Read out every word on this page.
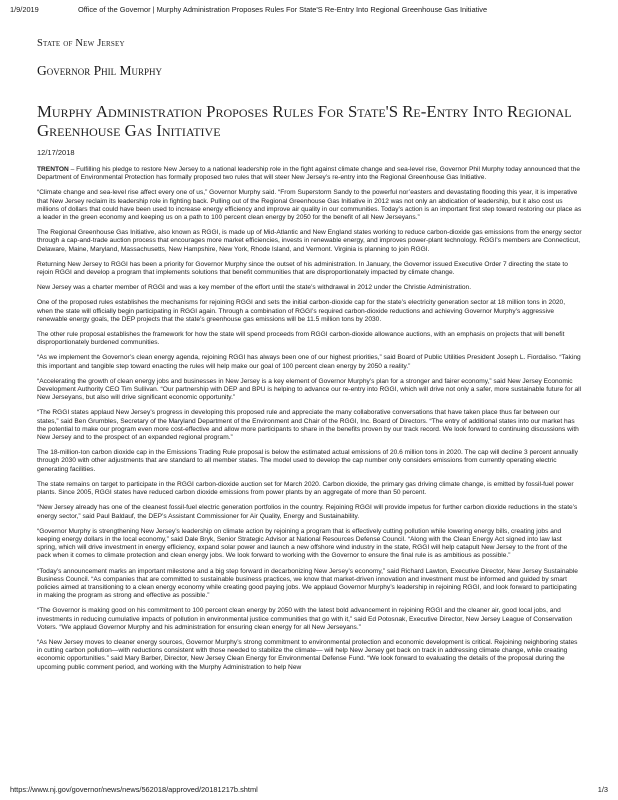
1/9/2019	Office of the Governor | Murphy Administration Proposes Rules For State'S Re-Entry Into Regional Greenhouse Gas Initiative
State of New Jersey
Governor Phil Murphy
Murphy Administration Proposes Rules For State'S Re-Entry Into Regional Greenhouse Gas Initiative
12/17/2018

TRENTON – Fulfilling his pledge to restore New Jersey to a national leadership role in the fight against climate change and sea-level rise, Governor Phil Murphy today announced that the Department of Environmental Protection has formally proposed two rules that will steer New Jersey’s re-entry into the Regional Greenhouse Gas Initiative.

“Climate change and sea-level rise affect every one of us,” Governor Murphy said. “From Superstorm Sandy to the powerful nor’easters and devastating flooding this year, it is imperative that New Jersey reclaim its leadership role in fighting back. Pulling out of the Regional Greenhouse Gas Initiative in 2012 was not only an abdication of leadership, but it also cost us millions of dollars that could have been used to increase energy efficiency and improve air quality in our communities. Today’s action is an important first step toward restoring our place as a leader in the green economy and keeping us on a path to 100 percent clean energy by 2050 for the benefit of all New Jerseyans.”

The Regional Greenhouse Gas Initiative, also known as RGGI, is made up of Mid-Atlantic and New England states working to reduce carbon-dioxide gas emissions from the energy sector through a cap-and-trade auction process that encourages more market efficiencies, invests in renewable energy, and improves power-plant technology. RGGI’s members are Connecticut, Delaware, Maine, Maryland, Massachusetts, New Hampshire, New York, Rhode Island, and Vermont. Virginia is planning to join RGGI.

Returning New Jersey to RGGI has been a priority for Governor Murphy since the outset of his administration. In January, the Governor issued Executive Order 7 directing the state to rejoin RGGI and develop a program that implements solutions that benefit communities that are disproportionately impacted by climate change.

New Jersey was a charter member of RGGI and was a key member of the effort until the state’s withdrawal in 2012 under the Christie Administration.

One of the proposed rules establishes the mechanisms for rejoining RGGI and sets the initial carbon-dioxide cap for the state’s electricity generation sector at 18 million tons in 2020, when the state will officially begin participating in RGGI again. Through a combination of RGGI’s required carbon-dioxide reductions and achieving Governor Murphy’s aggressive renewable energy goals, the DEP projects that the state’s greenhouse gas emissions will be 11.5 million tons by 2030.

The other rule proposal establishes the framework for how the state will spend proceeds from RGGI carbon-dioxide allowance auctions, with an emphasis on projects that will benefit disproportionately burdened communities.

“As we implement the Governor’s clean energy agenda, rejoining RGGI has always been one of our highest priorities,” said Board of Public Utilities President Joseph L. Fiordaliso. “Taking this important and tangible step toward enacting the rules will help make our goal of 100 percent clean energy by 2050 a reality.”

“Accelerating the growth of clean energy jobs and businesses in New Jersey is a key element of Governor Murphy’s plan for a stronger and fairer economy,” said New Jersey Economic Development Authority CEO Tim Sullivan. “Our partnership with DEP and BPU is helping to advance our re-entry into RGGI, which will drive not only a safer, more sustainable future for all New Jerseyans, but also will drive significant economic opportunity.”

“The RGGI states applaud New Jersey’s progress in developing this proposed rule and appreciate the many collaborative conversations that have taken place thus far between our states,” said Ben Grumbles, Secretary of the Maryland Department of the Environment and Chair of the RGGI, Inc. Board of Directors. “The entry of additional states into our market has the potential to make our program even more cost-effective and allow more participants to share in the benefits proven by our track record. We look forward to continuing discussions with New Jersey and to the prospect of an expanded regional program.”

The 18-million-ton carbon dioxide cap in the Emissions Trading Rule proposal is below the estimated actual emissions of 20.6 million tons in 2020. The cap will decline 3 percent annually through 2030 with other adjustments that are standard to all member states. The model used to develop the cap number only considers emissions from currently operating electric generating facilities.

The state remains on target to participate in the RGGI carbon-dioxide auction set for March 2020. Carbon dioxide, the primary gas driving climate change, is emitted by fossil-fuel power plants. Since 2005, RGGI states have reduced carbon dioxide emissions from power plants by an aggregate of more than 50 percent.

“New Jersey already has one of the cleanest fossil-fuel electric generation portfolios in the country. Rejoining RGGI will provide impetus for further carbon dioxide reductions in the state’s energy sector,” said Paul Baldauf, the DEP’s Assistant Commissioner for Air Quality, Energy and Sustainability.

“Governor Murphy is strengthening New Jersey’s leadership on climate action by rejoining a program that is effectively cutting pollution while lowering energy bills, creating jobs and keeping energy dollars in the local economy,” said Dale Bryk, Senior Strategic Advisor at National Resources Defense Council. “Along with the Clean Energy Act signed into law last spring, which will drive investment in energy efficiency, expand solar power and launch a new offshore wind industry in the state, RGGI will help catapult New Jersey to the front of the pack when it comes to climate protection and clean energy jobs. We look forward to working with the Governor to ensure the final rule is as ambitious as possible.”

“Today’s announcement marks an important milestone and a big step forward in decarbonizing New Jersey’s economy,” said Richard Lawton, Executive Director, New Jersey Sustainable Business Council. “As companies that are committed to sustainable business practices, we know that market-driven innovation and investment must be informed and guided by smart policies aimed at transitioning to a clean energy economy while creating good paying jobs. We applaud Governor Murphy’s leadership in rejoining RGGI, and look forward to participating in making the program as strong and effective as possible.”

“The Governor is making good on his commitment to 100 percent clean energy by 2050 with the latest bold advancement in rejoining RGGI and the cleaner air, good local jobs, and investments in reducing cumulative impacts of pollution in environmental justice communities that go with it,” said Ed Potosnak, Executive Director, New Jersey League of Conservation Voters. “We applaud Governor Murphy and his administration for ensuring clean energy for all New Jerseyans.”

“As New Jersey moves to cleaner energy sources, Governor Murphy’s strong commitment to environmental protection and economic development is critical. Rejoining neighboring states in cutting carbon pollution—with reductions consistent with those needed to stabilize the climate— will help New Jersey get back on track in addressing climate change, while creating economic opportunities.” said Mary Barber, Director, New Jersey Clean Energy for Environmental Defense Fund. “We look forward to evaluating the details of the proposal during the upcoming public comment period, and working with the Murphy Administration to help New

https://www.nj.gov/governor/news/news/562018/approved/20181217b.shtml	1/3
